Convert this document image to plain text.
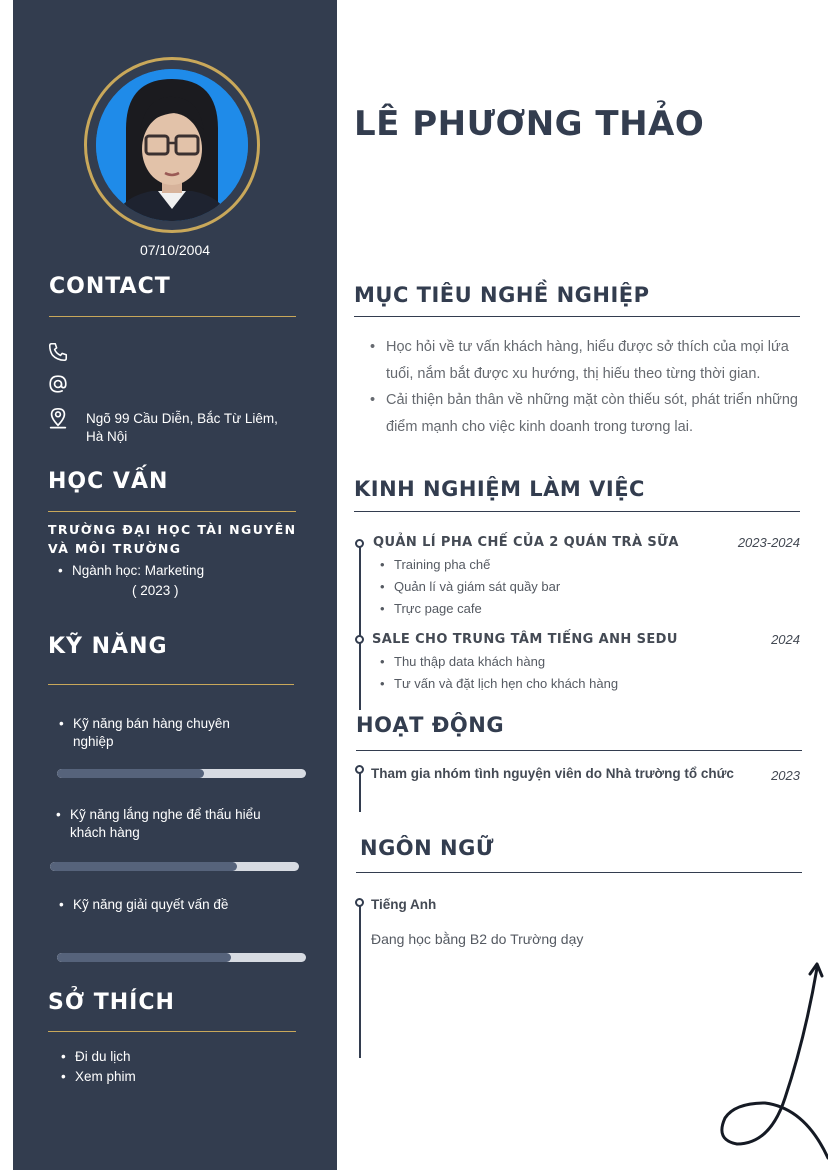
07/10/2004
CONTACT
Ngõ 99 Cầu Diễn, Bắc Từ Liêm, Hà Nội
HỌC VẤN
TRƯỜNG ĐẠI HỌC TÀI NGUYÊN VÀ MÔI TRƯỜNG
• Ngành học: Marketing
( 2023 )
KỸ NĂNG
• Kỹ năng bán hàng chuyên nghiệp
• Kỹ năng lắng nghe để thấu hiểu khách hàng
• Kỹ năng giải quyết vấn đề
SỞ THÍCH
• Đi du lịch
• Xem phim
LÊ PHƯƠNG THẢO
MỤC TIÊU NGHỀ NGHIỆP
• Học hỏi về tư vấn khách hàng, hiểu được sở thích của mọi lứa tuổi, nắm bắt được xu hướng, thị hiếu theo từng thời gian.
• Cải thiện bản thân về những mặt còn thiếu sót, phát triển những điểm mạnh cho việc kinh doanh trong tương lai.
KINH NGHIỆM LÀM VIỆC
QUẢN LÍ PHA CHẾ CỦA 2 QUÁN TRÀ SỮA	2023-2024
• Training pha chế
• Quản lí và giám sát quầy bar
• Trực page cafe
SALE CHO TRUNG TÂM TIẾNG ANH SEDU	2024
• Thu thập data khách hàng
• Tư vấn và đặt lịch hẹn cho khách hàng
HOẠT ĐỘNG
Tham gia nhóm tình nguyện viên do Nhà trường tổ chức	2023
NGÔN NGỮ
Tiếng Anh
Đang học bằng B2 do Trường dạy
